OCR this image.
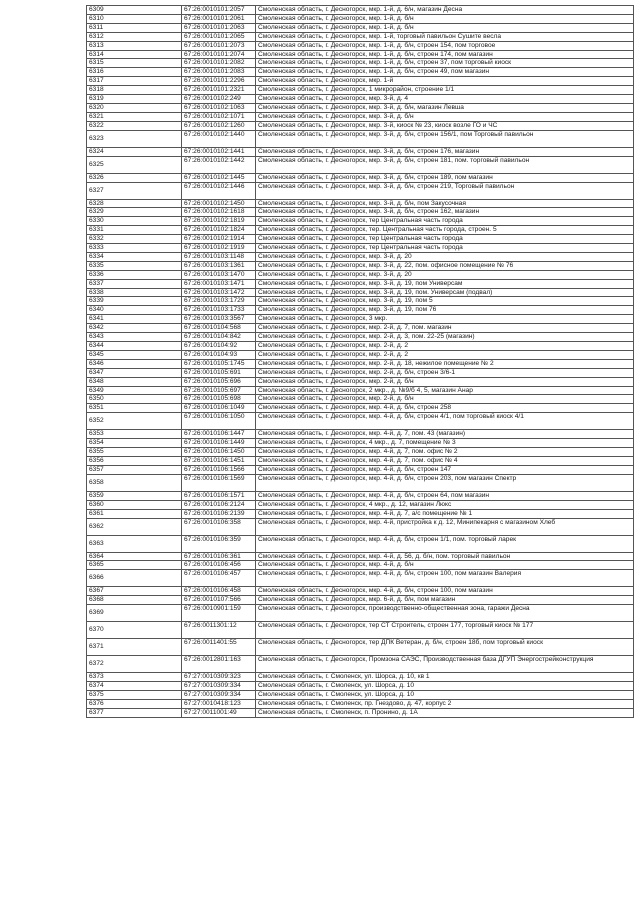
6309	67:26:0010101:2057	Смоленская область, г. Десногорск, мкр. 1-й, д. 6/н, магазин Десна
6310	67:26:0010101:2061	Смоленская область, г. Десногорск, мкр. 1-й, д. б/н
6311	67:26:0010101:2063	Смоленская область, г. Десногорск, мкр. 1-й, д. б/н
6312	67:26:0010101:2065	Смоленская область, г. Десногорск, мкр. 1-й, торговый павильон Сушите весла
6313	67:26:0010101:2073	Смоленская область, г. Десногорск, мкр. 1-й, д. б/н, строен 154, пом торговое
6314	67:26:0010101:2074	Смоленская область, г. Десногорск, мкр. 1-й, д. б/н, строен 174, пом магазин
6315	67:26:0010101:2082	Смоленская область, г. Десногорск, мкр. 1-й, д. б/н, строен 37, пом торговый киоск
6316	67:26:0010101:2083	Смоленская область, г. Десногорск, мкр. 1-й, д. б/н, строен 49, пом магазин
6317	67:26:0010101:2296	Смоленская область, г. Десногорск, мкр. 1-й
6318	67:26:0010101:2321	Смоленская область, г. Десногорск, 1 микрорайон, строение 1/1
6319	67:26:0010102:249	Смоленская область, г. Десногорск, мкр. 3-й, д. 4
6320	67:26:0010102:1063	Смоленская область, г. Десногорск, мкр. 3-й, д. б/н, магазин Левша
6321	67:26:0010102:1071	Смоленская область, г. Десногорск, мкр. 3-й, д. б/н
6322	67:26:0010102:1260	Смоленская область, г. Десногорск, мкр. 3-й, киоск № 23, киоск возле ГО и ЧС
6323	67:26:0010102:1440	Смоленская область, г. Десногорск, мкр. 3-й, д. б/н, строен 156/1, пом Торговый павильон
6324	67:26:0010102:1441	Смоленская область, г. Десногорск, мкр. 3-й, д. б/н, строен 176, магазин
6325	67:26:0010102:1442	Смоленская область, г. Десногорск, мкр. 3-й, д. б/н, строен 181, пом. торговый павильон
6326	67:26:0010102:1445	Смоленская область, г. Десногорск, мкр. 3-й, д. б/н, строен 189, пом магазин
6327	67:26:0010102:1446	Смоленская область, г. Десногорск, мкр. 3-й, д. б/н, строен 219, Торговый павильон
6328	67:26:0010102:1450	Смоленская область, г. Десногорск, мкр. 3-й, д. б/н, пом Закусочная
6329	67:26:0010102:1618	Смоленская область, г. Десногорск, мкр. 3-й, д. б/н, строен 162, магазин
6330	67:26:0010102:1819	Смоленская область, г. Десногорск, тер Центральная часть города
6331	67:26:0010102:1824	Смоленская область, г. Десногорск, тер. Центральная часть города, строен. 5
6332	67:26:0010102:1914	Смоленская область, г. Десногорск, тер Центральная часть города
6333	67:26:0010102:1919	Смоленская область, г. Десногорск, тер Центральная часть города
6334	67:26:0010103:1148	Смоленская область, г. Десногорск, мкр. 3-й, д. 20
6335	67:26:0010103:1361	Смоленская область, г. Десногорск, мкр. 3-й, д. 22, пом. офисное помещение № 76
6336	67:26:0010103:1470	Смоленская область, г. Десногорск, мкр. 3-й, д. 20
6337	67:26:0010103:1471	Смоленская область, г. Десногорск, мкр. 3-й, д. 19, пом Универсам
6338	67:26:0010103:1472	Смоленская область, г. Десногорск, мкр. 3-й, д. 19, пом. Универсам (подвал)
6339	67:26:0010103:1729	Смоленская область, г. Десногорск, мкр. 3-й, д. 19, пом 5
6340	67:26:0010103:1733	Смоленская область, г. Десногорск, мкр. 3-й, д. 19, пом 76
6341	67:26:0010103:3567	Смоленская область, г. Десногорск, 3 мкр.
6342	67:26:0010104:568	Смоленская область, г. Десногорск, мкр. 2-й, д. 7, пом. магазин
6343	67:26:0010104:842	Смоленская область, г. Десногорск, мкр. 2-й, д. 3, пом. 22-25 (магазин)
6344	67:26:0010104:92	Смоленская область, г. Десногорск, мкр. 2-й, д. 2
6345	67:26:0010104:93	Смоленская область, г. Десногорск, мкр. 2-й, д. 2
6346	67:26:0010105:1745	Смоленская область, г. Десногорск, мкр. 2-й, д. 18, нежилое помещение № 2
6347	67:26:0010105:691	Смоленская область, г. Десногорск, мкр. 2-й, д. б/н, строен 3/6-1
6348	67:26:0010105:696	Смоленская область, г. Десногорск, мкр. 2-й, д. б/н
6349	67:26:0010105:697	Смоленская область, г. Десногорск, 2 мкр., д. №9/б 4, 5, магазин Анар
6350	67:26:0010105:698	Смоленская область, г. Десногорск, мкр. 2-й, д. б/н
6351	67:26:0010106:1049	Смоленская область, г. Десногорск, мкр. 4-й, д. б/н, строен 258
6352	67:26:0010106:1050	Смоленская область, г. Десногорск, мкр. 4-й, д. б/н, строен 4/1, пом торговый киоск 4/1
6353	67:26:0010106:1447	Смоленская область, г. Десногорск, мкр. 4-й, д. 7, пом. 43 (магазин)
6354	67:26:0010106:1449	Смоленская область, г. Десногорск, 4 мкр., д. 7, помещение № 3
6355	67:26:0010106:1450	Смоленская область, г. Десногорск, мкр. 4-й, д. 7, пом. офис № 2
6356	67:26:0010106:1451	Смоленская область, г. Десногорск, мкр. 4-й, д. 7, пом. офис № 4
6357	67:26:0010106:1566	Смоленская область, г. Десногорск, мкр. 4-й, д. б/н, строен 147
6358	67:26:0010106:1569	Смоленская область, г. Десногорск, мкр. 4-й, д. б/н, строен 203, пом магазин Спектр
6359	67:26:0010106:1571	Смоленская область, г. Десногорск, мкр. 4-й, д. б/н, строен 64, пом магазин
6360	67:26:0010106:2124	Смоленская область, г. Десногорск, 4 мкр., д. 12, магазин Люкс
6361	67:26:0010106:2139	Смоленская область, г. Десногорск, мкр. 4-й, д. 7, а/с помещение № 1
6362	67:26:0010106:358	Смоленская область, г. Десногорск, мкр. 4-й, пристройка к д. 12, Минипекарня с магазином Хлеб
6363	67:26:0010106:359	Смоленская область, г. Десногорск, мкр. 4-й, д. б/н, строен 1/1, пом. торговый ларек
6364	67:26:0010106:361	Смоленская область, г. Десногорск, мкр. 4-й, д. 56, д. б/н, пом. торговый павильон
6365	67:26:0010106:456	Смоленская область, г. Десногорск, мкр. 4-й, д. б/н
6366	67:26:0010106:457	Смоленская область, г. Десногорск, мкр. 4-й, д. б/н, строен 100, пом магазин Валерия
6367	67:26:0010106:458	Смоленская область, г. Десногорск, мкр. 4-й, д. б/н, строен 100, пом магазин
6368	67:26:0010107:566	Смоленская область, г. Десногорск, мкр. 6-й, д. б/н, пом магазин
6369	67:26:0010901:159	Смоленская область, г. Десногорск, производственно-общественная зона, гаражи Десна
6370	67:26:0011301:12	Смоленская область, г. Десногорск, тер СТ Строитель, строен 177, торговый киоск № 177
6371	67:26:0011401:55	Смоленская область, г. Десногорск, тер ДПК Ветеран, д. б/н, строен 18б, пом торговый киоск
6372	67:26:0012801:163	Смоленская область, г. Десногорск, Промзона САЭС, Производственная база ДГУП Энергострейконструкция
6373	67:27:0010309:323	Смоленская область, г. Смоленск, ул. Шорса, д. 10, кв 1
6374	67:27:0010309:334	Смоленская область, г. Смоленск, ул. Шорса, д. 10
6375	67:27:0010309:334	Смоленская область, г. Смоленск, ул. Шорса, д. 10
6376	67:27:0010418:123	Смоленская область, г. Смоленск, пр. Гнездово, д. 47, корпус 2
6377	67:27:0011001:49	Смоленская область, г. Смоленск, п. Пронино, д. 1А
